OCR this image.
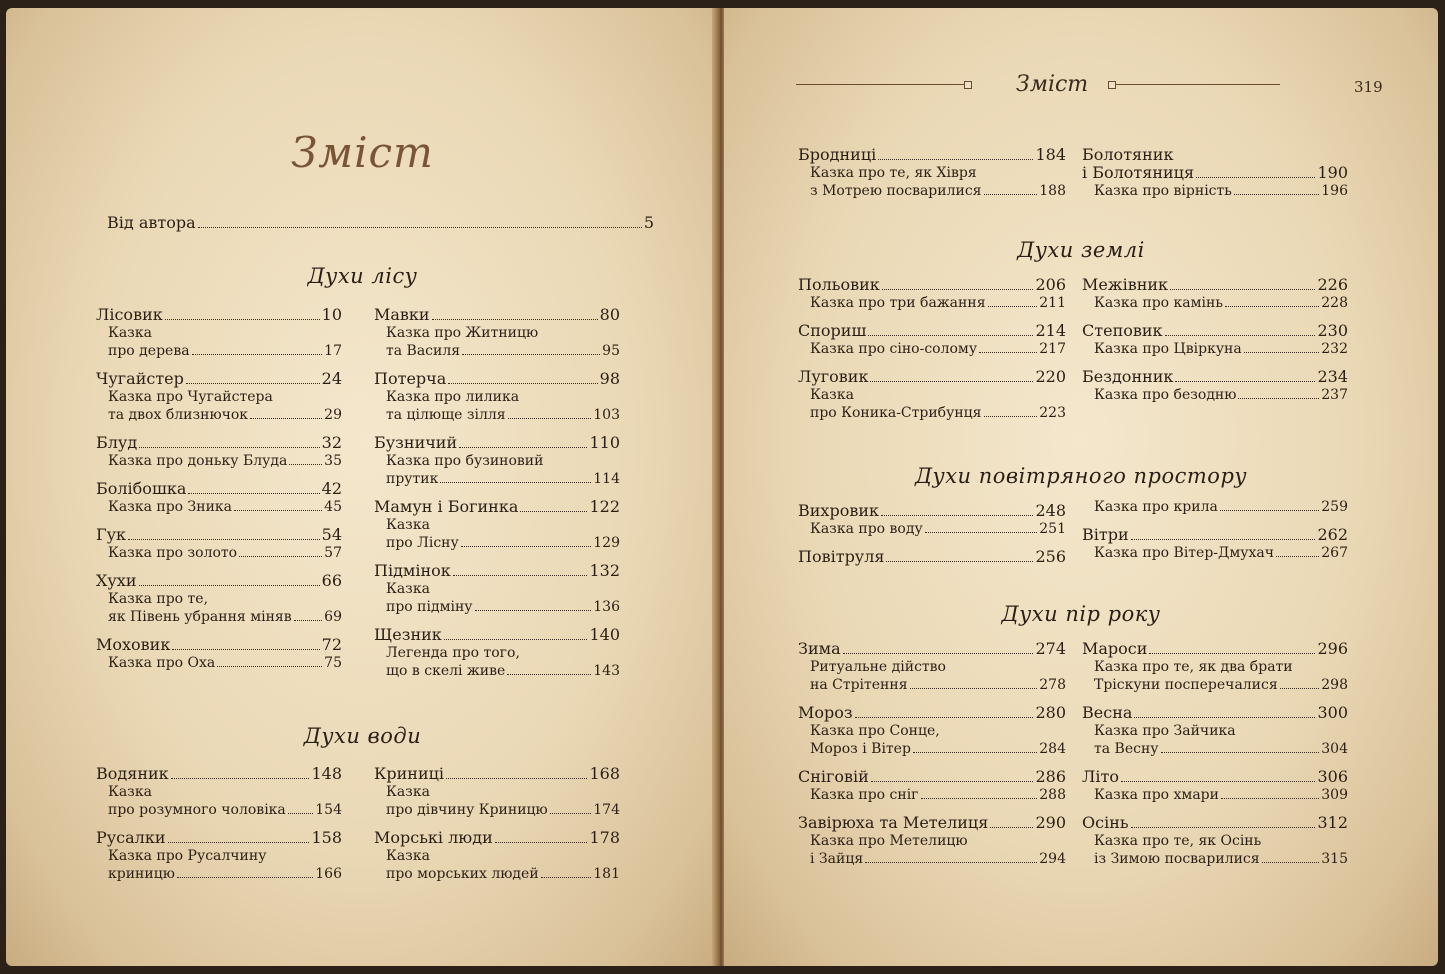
Зміст
Від автора	5
Духи лісу
Лісовик	10
Казка
про дерева	17
Чугайстер	24
Казка про Чугайстера
та двох близнючок	29
Блуд	32
Казка про доньку Блуда	35
Болібошка	42
Казка про Зника	45
Гук	54
Казка про золото	57
Хухи	66
Казка про те,
як Півень убрання міняв 69
Моховик	72
Казка про Оха	75
Мавки	80
Казка про Житницю
та Василя	95
Потерча	98
Казка про лилика
та цілюще зілля	103
Бузничий	110
Казка про бузиновий
прутик	114
Мамун і Богинка	122
Казка
про Лісну	129
Підмінок	132
Казка
про підміну	136
Щезник	140
Легенда про того,
що в скелі живе	143
Духи води
Водяник	148
Казка
про розумного чоловіка 154
Русалки	158
Казка про Русалчину
криницю	166
Криниці	168
Казка
про дівчину Криницю	174
Морські люди	178
Казка
про морських людей	181
Зміст	319
Бродниці	184
Казка про те, як Хівря
з Мотрею посварилися	188
Болотяник
і Болотяниця	190
Казка про вірність	196
Духи землі
Польовик	206
Казка про три бажання	211
Спориш	214
Казка про сіно-солому	217
Луговик	220
Казка
про Коника-Стрибунця	223
Межівник	226
Казка про камінь	228
Степовик	230
Казка про Цвіркуна	232
Бездонник	234
Казка про безодню	237
Духи повітряного простору
Вихровик	248
Казка про воду	251
Повітруля	256
Казка про крила	259
Вітри	262
Казка про Вітер-Дмухач	267
Духи пір року
Зима	274
Ритуальне дійство
на Стрітення	278
Мороз	280
Казка про Сонце,
Мороз і Вітер	284
Сніговій	286
Казка про сніг	288
Завірюха та Метелиця	290
Казка про Метелицю
і Зайця	294
Мароси	296
Казка про те, як два брати
Тріскуни посперечалися	298
Весна	300
Казка про Зайчика
та Весну	304
Літо	306
Казка про хмари	309
Осінь	312
Казка про те, як Осінь
із Зимою посварилися	315
